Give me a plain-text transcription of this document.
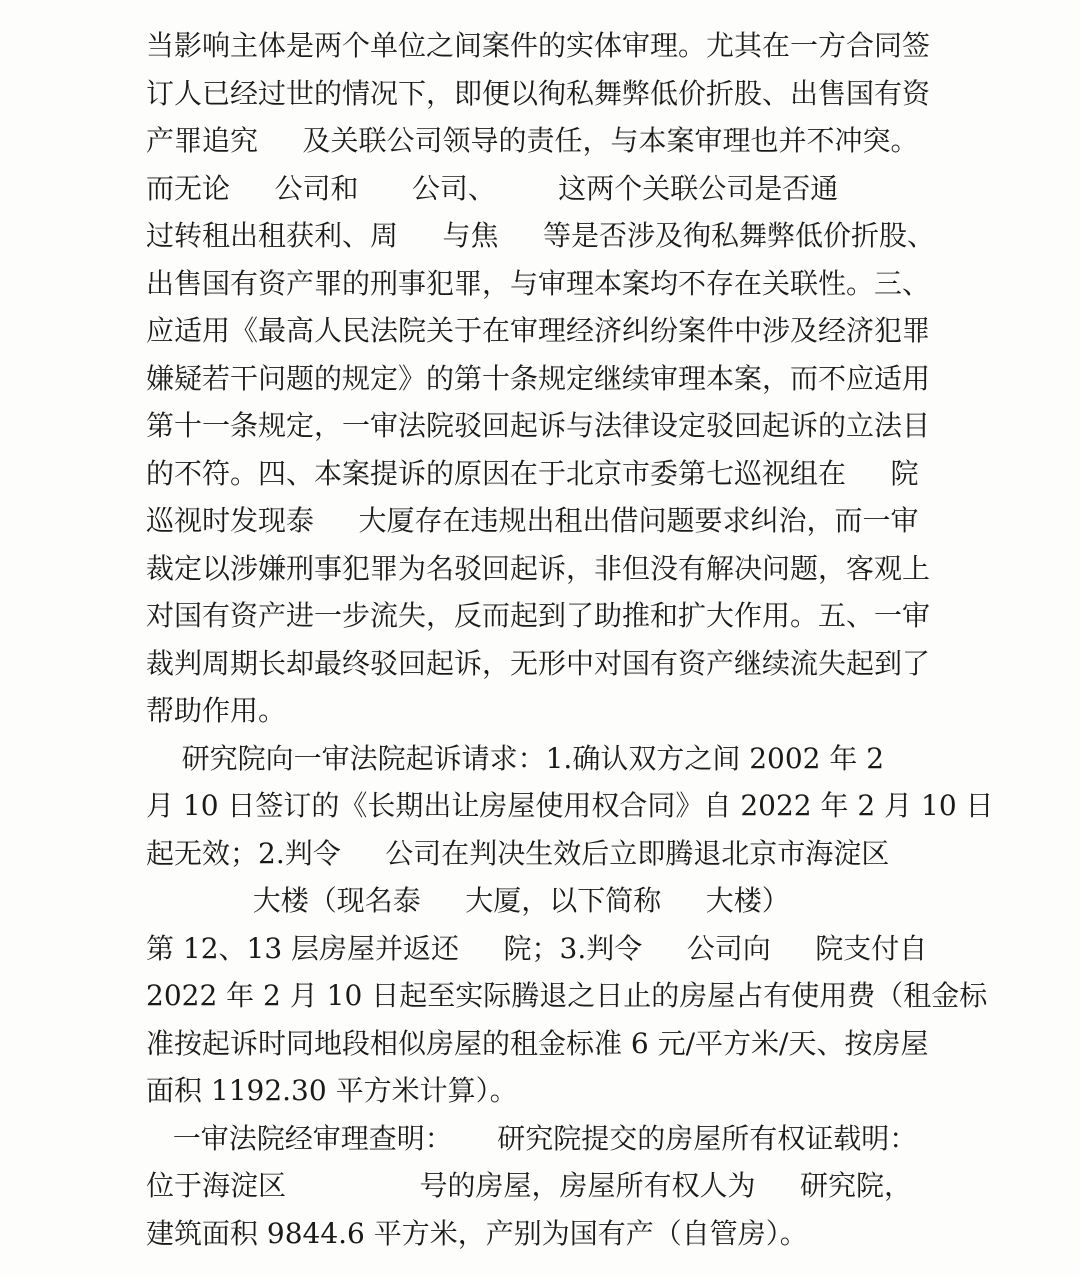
当影响主体是两个单位之间案件的实体审理。尤其在一方合同签
订人已经过世的情况下，即便以徇私舞弊低价折股、出售国有资
产罪追究     及关联公司领导的责任，与本案审理也并不冲突。
而无论     公司和      公司、       这两个关联公司是否通
过转租出租获利、周     与焦     等是否涉及徇私舞弊低价折股、
出售国有资产罪的刑事犯罪，与审理本案均不存在关联性。三、
应适用《最高人民法院关于在审理经济纠纷案件中涉及经济犯罪
嫌疑若干问题的规定》的第十条规定继续审理本案，而不应适用
第十一条规定，一审法院驳回起诉与法律设定驳回起诉的立法目
的不符。四、本案提诉的原因在于北京市委第七巡视组在     院
巡视时发现泰     大厦存在违规出租出借问题要求纠治，而一审
裁定以涉嫌刑事犯罪为名驳回起诉，非但没有解决问题，客观上
对国有资产进一步流失，反而起到了助推和扩大作用。五、一审
裁判周期长却最终驳回起诉，无形中对国有资产继续流失起到了
帮助作用。
研究院向一审法院起诉请求：1.确认双方之间 2002 年 2
月 10 日签订的《长期出让房屋使用权合同》自 2022 年 2 月 10 日
起无效；2.判令     公司在判决生效后立即腾退北京市海淀区
大楼（现名泰     大厦，以下简称     大楼）
第 12、13 层房屋并返还     院；3.判令     公司向     院支付自
2022 年 2 月 10 日起至实际腾退之日止的房屋占有使用费（租金标
准按起诉时同地段相似房屋的租金标准 6 元/平方米/天、按房屋
面积 1192.30 平方米计算）。
一审法院经审理查明：     研究院提交的房屋所有权证载明：
位于海淀区               号的房屋，房屋所有权人为     研究院，
建筑面积 9844.6 平方米，产别为国有产（自管房）。
